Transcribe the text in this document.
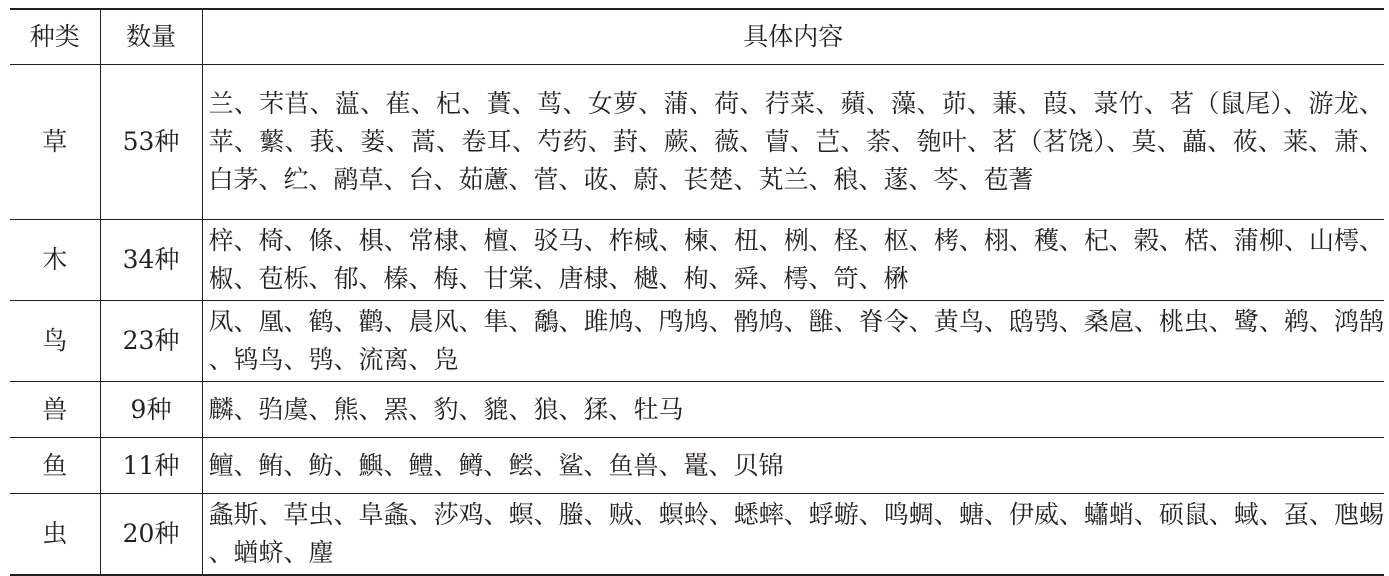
种类	数量	具体内容
草	53种	兰、芣苢、蕰、萑、杞、蕢、茑、女萝、蒲、荷、荇菜、蘋、藻、茆、蒹、葭、菉竹、茗（鼠尾）、游龙、苹、蘩、莪、蒌、蒿、卷耳、芍药、葑、蕨、薇、萺、芑、荼、匏叶、茗（茗饶）、莫、藟、莜、莱、萧、白茅、纻、鹝草、台、茹藘、菅、荍、蔚、苌楚、芄兰、稂、蓫、芩、苞蓍
木	34种	梓、椅、條、椇、常棣、檀、驳马、柞棫、楝、杻、栵、柽、枢、栲、栩、穫、杞、榖、楛、蒲柳、山樗、椒、苞栎、郁、榛、梅、甘棠、唐棣、樾、栒、舜、樗、笴、楙
鸟	23种	凤、凰、鹤、鹳、晨风、隼、鷮、雎鸠、鸤鸠、鹘鸠、雝、脊令、黄鸟、鸱鸮、桑扈、桃虫、鹭、鹈、鸿鹄、鸨鸟、鸮、流离、凫
兽	9种	麟、驺虞、熊、罴、豹、貔、狼、猱、牡马
鱼	11种	鳣、鲔、鲂、鱮、鳢、鳟、鲿、鲨、鱼兽、鼍、贝锦
虫	20种	螽斯、草虫、阜螽、莎鸡、螟、螣、贼、螟蛉、蟋蟀、蜉蝣、鸣蜩、螗、伊威、蠨蛸、硕鼠、蜮、虿、虺蜴、蝤蛴、麈
